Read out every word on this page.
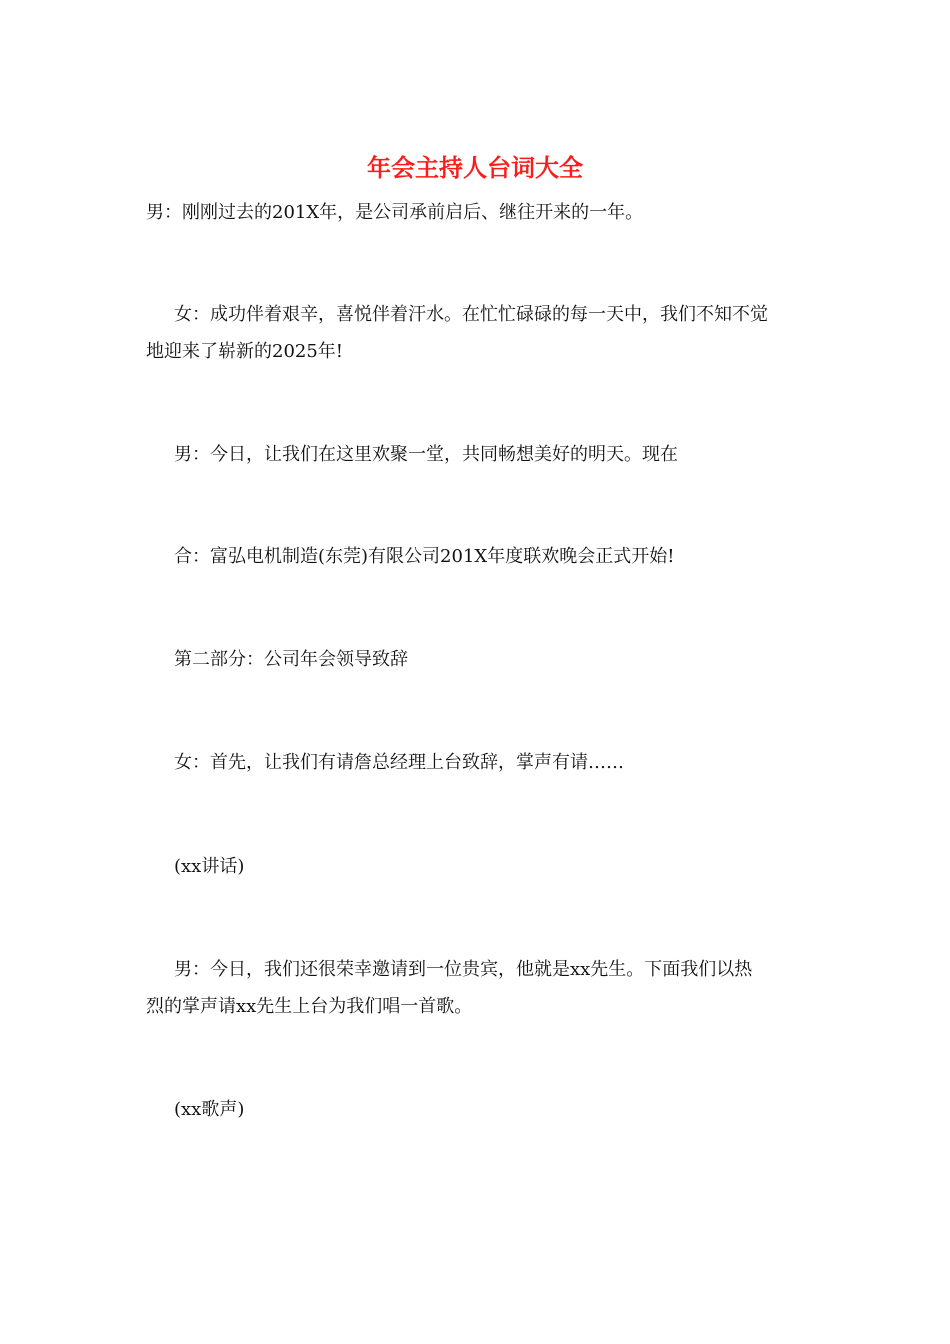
年会主持人台词大全
男：刚刚过去的201X年，是公司承前启后、继往开来的一年。
女：成功伴着艰辛，喜悦伴着汗水。在忙忙碌碌的每一天中，我们不知不觉
地迎来了崭新的2025年!
男：今日，让我们在这里欢聚一堂，共同畅想美好的明天。现在
合：富弘电机制造(东莞)有限公司201X年度联欢晚会正式开始!
第二部分：公司年会领导致辞
女：首先，让我们有请詹总经理上台致辞，掌声有请……
(xx讲话)
男：今日，我们还很荣幸邀请到一位贵宾，他就是xx先生。下面我们以热
烈的掌声请xx先生上台为我们唱一首歌。
(xx歌声)
